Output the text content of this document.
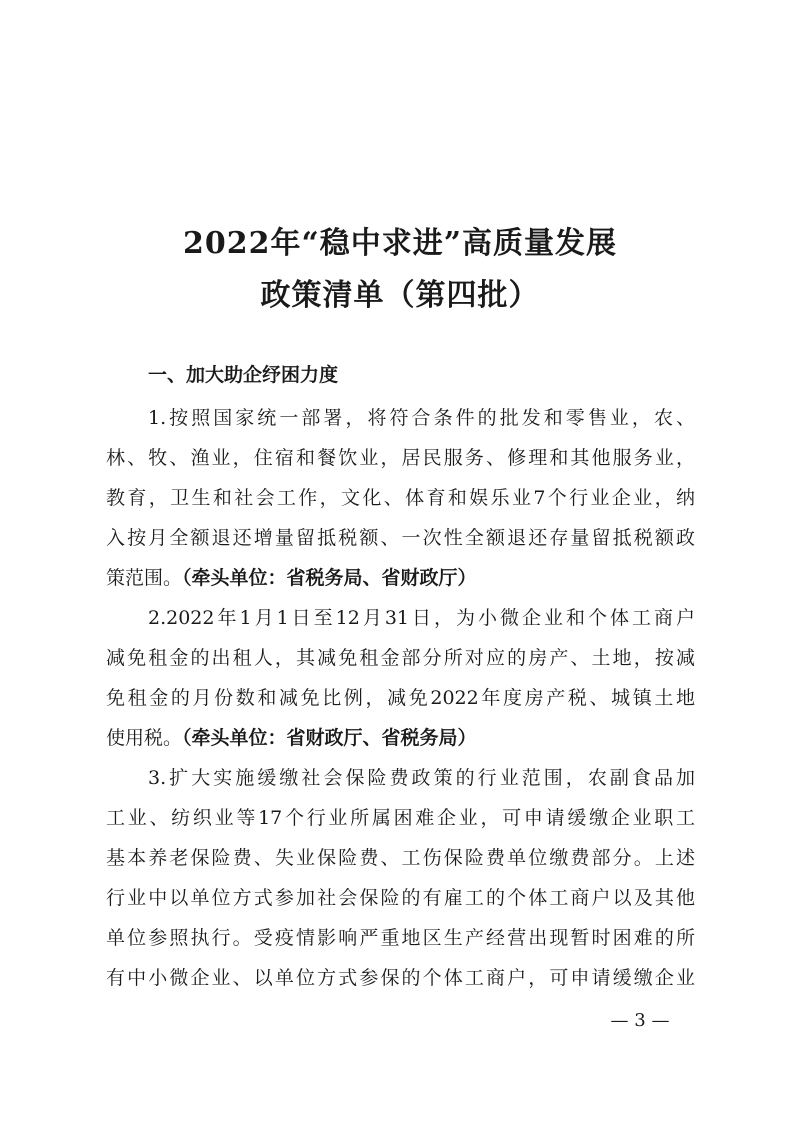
2022年“稳中求进”高质量发展
政策清单（第四批）
一、加大助企纾困力度
1.按照国家统一部署，将符合条件的批发和零售业，农、
林、牧、渔业，住宿和餐饮业，居民服务、修理和其他服务业，
教育，卫生和社会工作，文化、体育和娱乐业7个行业企业，纳
入按月全额退还增量留抵税额、一次性全额退还存量留抵税额政
策范围。（牵头单位：省税务局、省财政厅）
2.2022年1月1日至12月31日，为小微企业和个体工商户
减免租金的出租人，其减免租金部分所对应的房产、土地，按减
免租金的月份数和减免比例，减免2022年度房产税、城镇土地
使用税。（牵头单位：省财政厅、省税务局）
3.扩大实施缓缴社会保险费政策的行业范围，农副食品加
工业、纺织业等17个行业所属困难企业，可申请缓缴企业职工
基本养老保险费、失业保险费、工伤保险费单位缴费部分。上述
行业中以单位方式参加社会保险的有雇工的个体工商户以及其他
单位参照执行。受疫情影响严重地区生产经营出现暂时困难的所
有中小微企业、以单位方式参保的个体工商户，可申请缓缴企业
— 3 —
